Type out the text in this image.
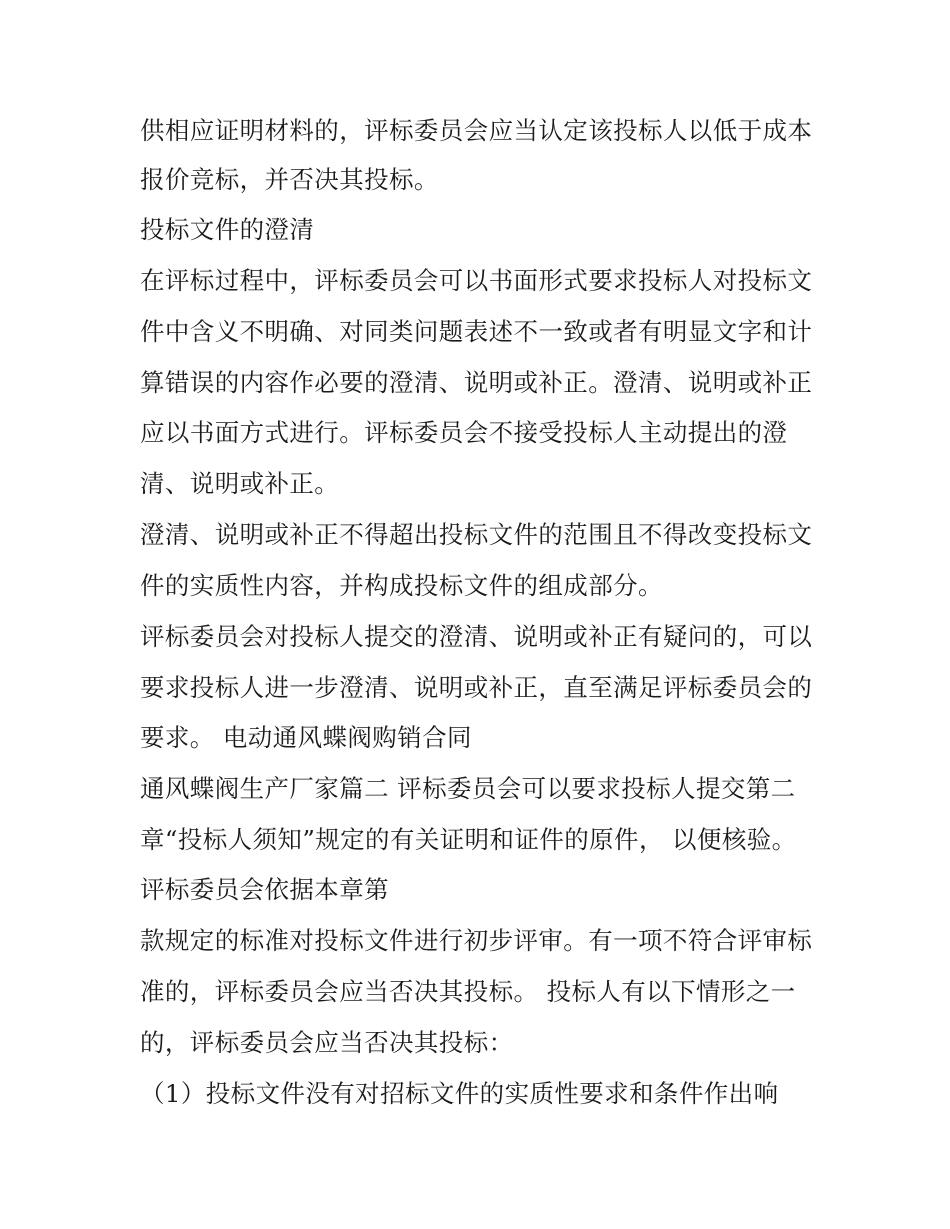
供相应证明材料的，评标委员会应当认定该投标人以低于成本
报价竞标，并否决其投标。
投标文件的澄清
在评标过程中，评标委员会可以书面形式要求投标人对投标文
件中含义不明确、对同类问题表述不一致或者有明显文字和计
算错误的内容作必要的澄清、说明或补正。澄清、说明或补正
应以书面方式进行。评标委员会不接受投标人主动提出的澄
清、说明或补正。
澄清、说明或补正不得超出投标文件的范围且不得改变投标文
件的实质性内容，并构成投标文件的组成部分。
评标委员会对投标人提交的澄清、说明或补正有疑问的，可以
要求投标人进一步澄清、说明或补正，直至满足评标委员会的
要求。 电动通风蝶阀购销合同
通风蝶阀生产厂家篇二 评标委员会可以要求投标人提交第二
章“投标人须知”规定的有关证明和证件的原件， 以便核验。
评标委员会依据本章第
款规定的标准对投标文件进行初步评审。有一项不符合评审标
准的，评标委员会应当否决其投标。 投标人有以下情形之一
的，评标委员会应当否决其投标：
（1）投标文件没有对招标文件的实质性要求和条件作出响
